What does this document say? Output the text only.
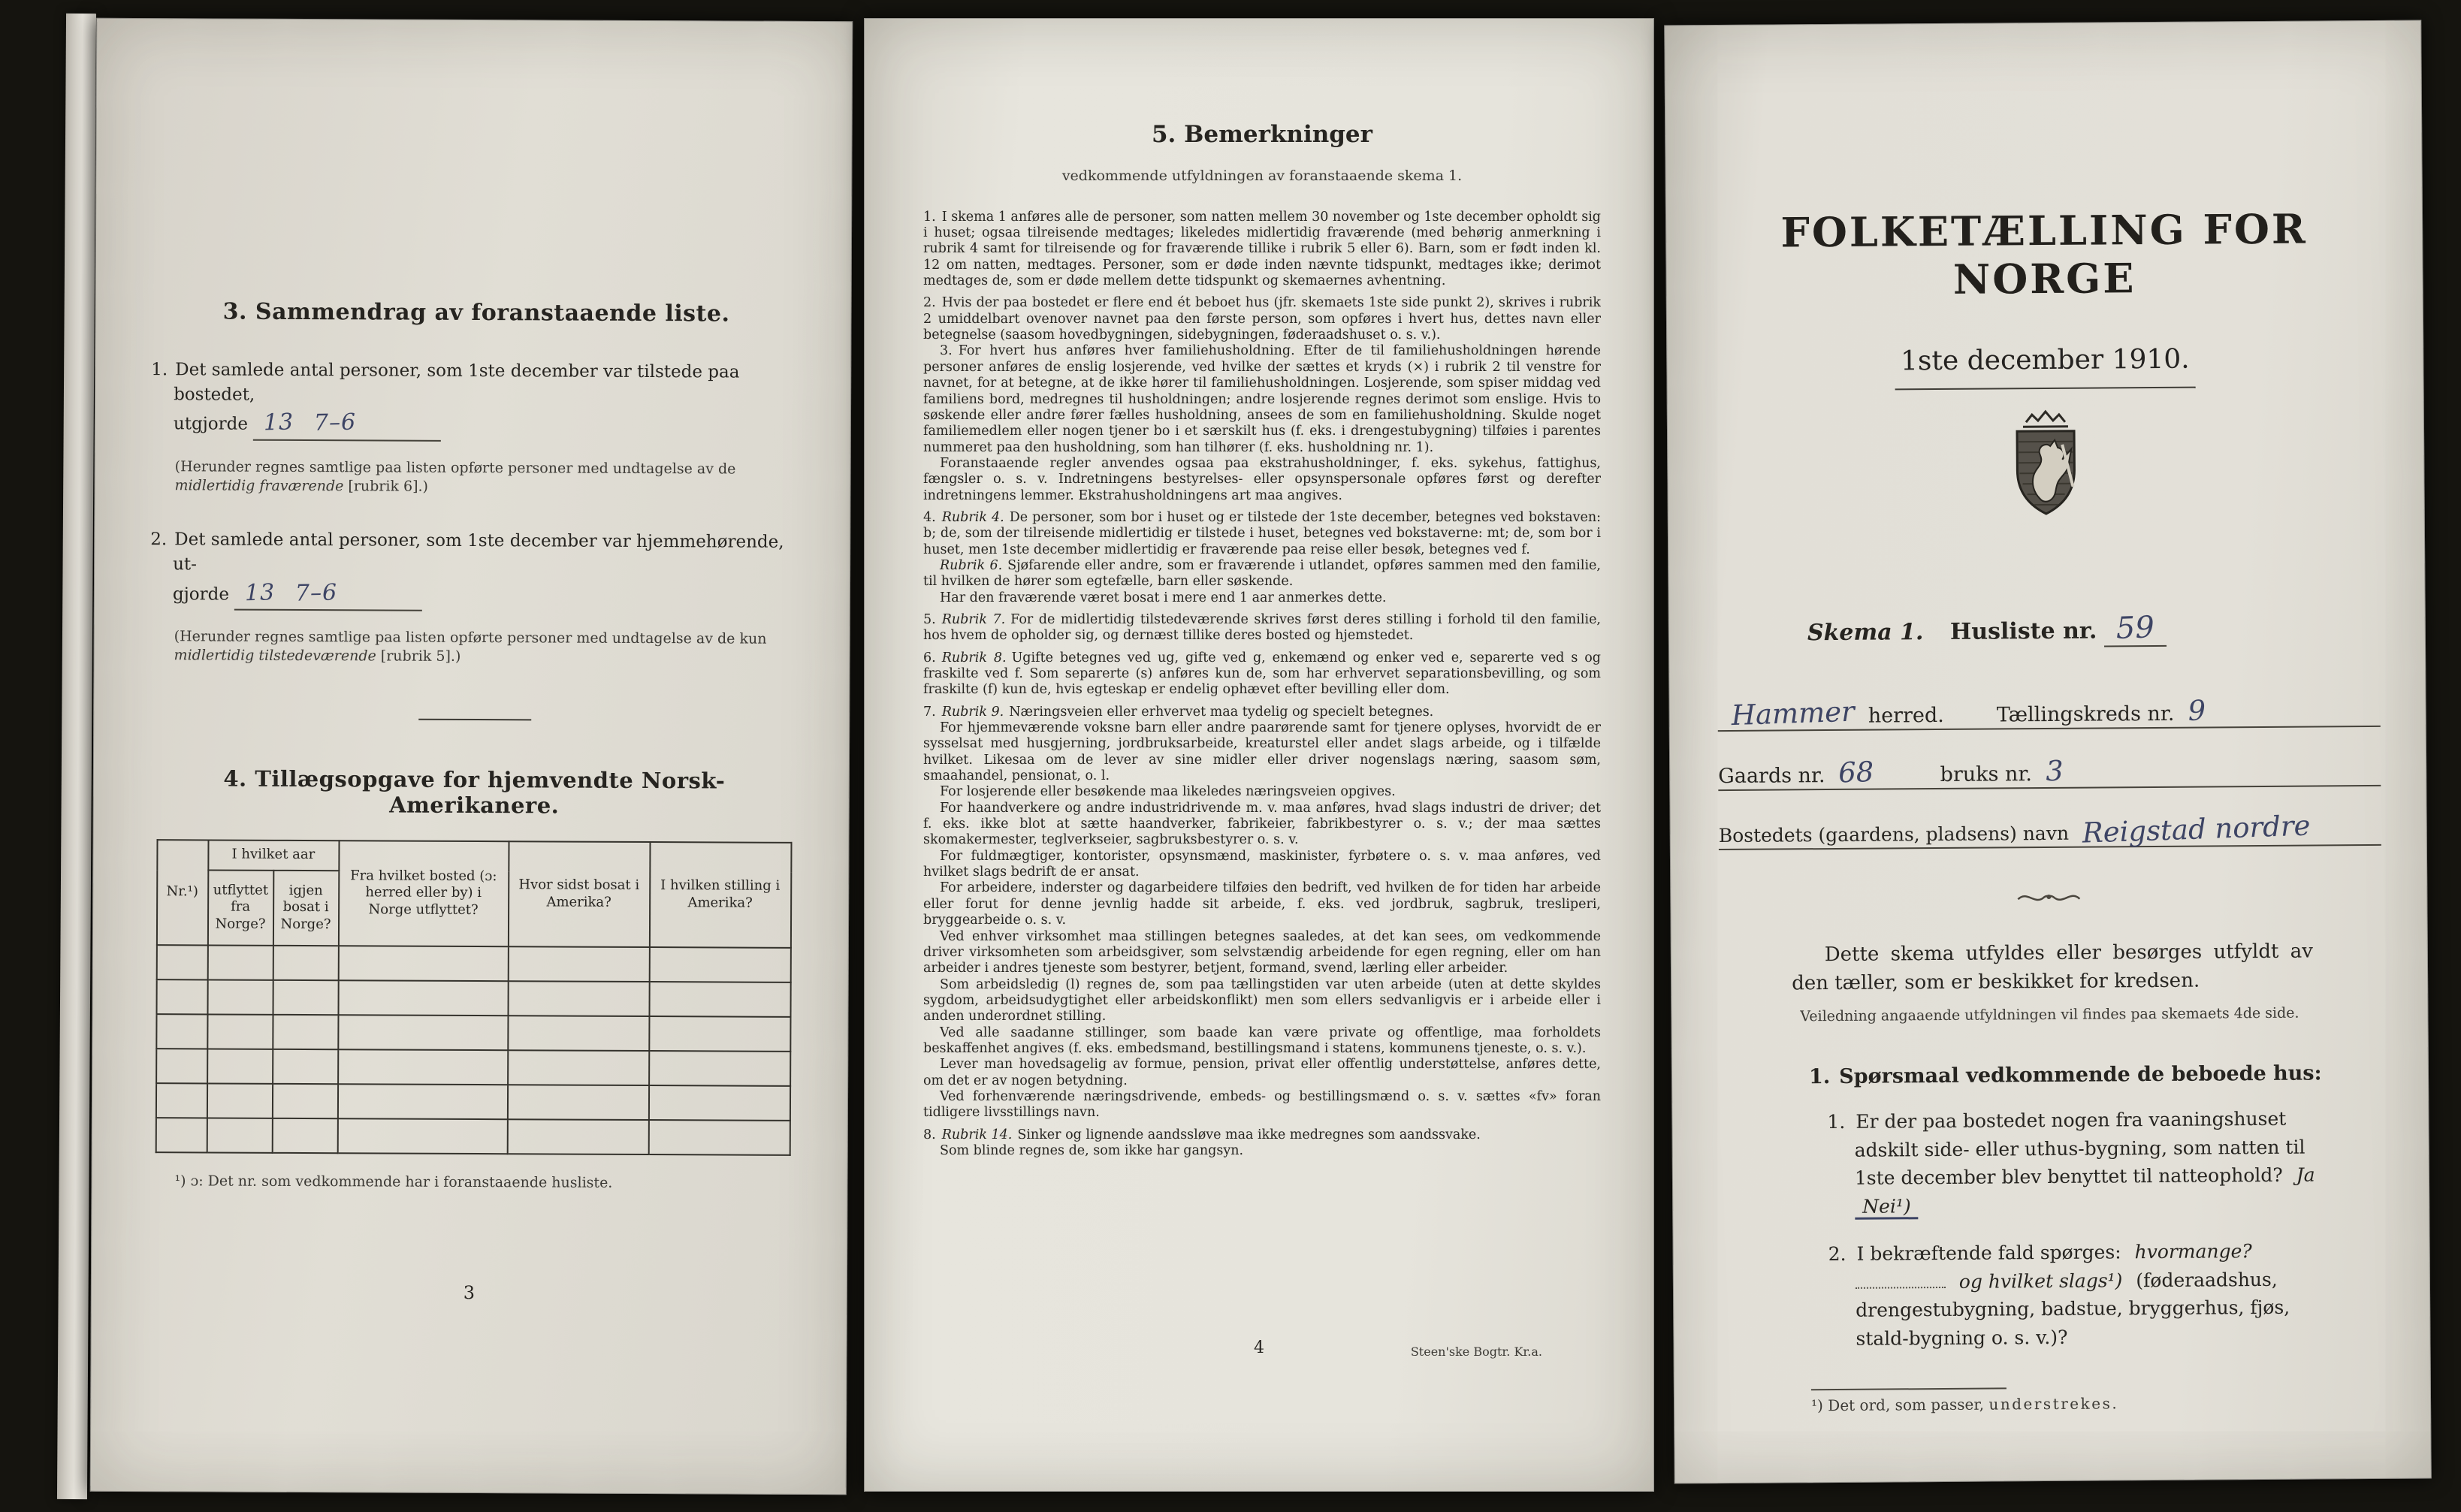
3. Sammendrag av foranstaaende liste.

1. Det samlede antal personer, som 1ste december var tilstede paa bostedet,
utgjorde 13 7–6

(Herunder regnes samtlige paa listen opførte personer med undtagelse av de midlertidig fraværende [rubrik 6].)

2. Det samlede antal personer, som 1ste december var hjemmehørende, ut-
gjorde 13 7–6

(Herunder regnes samtlige paa listen opførte personer med undtagelse av de kun midlertidig tilstedeværende [rubrik 5].)

4. Tillægsopgave for hjemvendte Norsk-Amerikanere.
Nr.¹)	I hvilket aar		Fra hvilket bosted (ɔ: herred eller by) i Norge utflyttet?	Hvor sidst bosat i Amerika?	I hvilken stilling i Amerika?
	utflyttet fra Norge?	igjen bosat i Norge?			

¹) ɔ: Det nr. som vedkommende har i foranstaaende husliste.

3
5. Bemerkninger
vedkommende utfyldningen av foranstaaende skema 1.

1. I skema 1 anføres alle de personer, som natten mellem 30 november og 1ste december opholdt sig i huset; ogsaa tilreisende medtages; likeledes midlertidig fraværende (med behørig anmerkning i rubrik 4 samt for tilreisende og for fraværende tillike i rubrik 5 eller 6). Barn, som er født inden kl. 12 om natten, medtages. Personer, som er døde inden nævnte tidspunkt, medtages ikke; derimot medtages de, som er døde mellem dette tidspunkt og skemaernes avhentning.

2. Hvis der paa bostedet er flere end ét beboet hus (jfr. skemaets 1ste side punkt 2), skrives i rubrik 2 umiddelbart ovenover navnet paa den første person, som opføres i hvert hus, dettes navn eller betegnelse (saasom hovedbygningen, sidebygningen, føderaadshuset o. s. v.).

3. For hvert hus anføres hver familiehusholdning. Efter de til familiehusholdningen hørende personer anføres de enslig losjerende, ved hvilke der sættes et kryds (×) i rubrik 2 til venstre for navnet, for at betegne, at de ikke hører til familiehusholdningen. Losjerende, som spiser middag ved familiens bord, medregnes til husholdningen; andre losjerende regnes derimot som enslige. Hvis to søskende eller andre fører fælles husholdning, ansees de som en familiehusholdning. Skulde noget familiemedlem eller nogen tjener bo i et særskilt hus (f. eks. i drengestubygning) tilføies i parentes nummeret paa den husholdning, som han tilhører (f. eks. husholdning nr. 1).

Foranstaaende regler anvendes ogsaa paa ekstrahusholdninger, f. eks. sykehus, fattighus, fængsler o. s. v. Indretningens bestyrelses- eller opsynspersonale opføres først og derefter indretningens lemmer. Ekstrahusholdningens art maa angives.

4. Rubrik 4. De personer, som bor i huset og er tilstede der 1ste december, betegnes ved bokstaven: b; de, som der tilreisende midlertidig er tilstede i huset, betegnes ved bokstaverne: mt; de, som bor i huset, men 1ste december midlertidig er fraværende paa reise eller besøk, betegnes ved f.

Rubrik 6. Sjøfarende eller andre, som er fraværende i utlandet, opføres sammen med den familie, til hvilken de hører som egtefælle, barn eller søskende.

Har den fraværende været bosat i mere end 1 aar anmerkes dette.

5. Rubrik 7. For de midlertidig tilstedeværende skrives først deres stilling i forhold til den familie, hos hvem de opholder sig, og dernæst tillike deres bosted og hjemstedet.

6. Rubrik 8. Ugifte betegnes ved ug, gifte ved g, enkemænd og enker ved e, separerte ved s og fraskilte ved f. Som separerte (s) anføres kun de, som har erhvervet separationsbevilling, og som fraskilte (f) kun de, hvis egteskap er endelig ophævet efter bevilling eller dom.

7. Rubrik 9. Næringsveien eller erhvervet maa tydelig og specielt betegnes.

For hjemmeværende voksne barn eller andre paarørende samt for tjenere oplyses, hvorvidt de er sysselsat med husgjerning, jordbruksarbeide, kreaturstel eller andet slags arbeide, og i tilfælde hvilket. Likesaa om de lever av sine midler eller driver nogenslags næring, saasom søm, smaahandel, pensionat, o. l.

For losjerende eller besøkende maa likeledes næringsveien opgives.

For haandverkere og andre industridrivende m. v. maa anføres, hvad slags industri de driver; det f. eks. ikke blot at sætte haandverker, fabrikeier, fabrikbestyrer o. s. v.; der maa sættes skomakermester, teglverkseier, sagbruksbestyrer o. s. v.

For fuldmægtiger, kontorister, opsynsmænd, maskinister, fyrbøtere o. s. v. maa anføres, ved hvilket slags bedrift de er ansat.

For arbeidere, inderster og dagarbeidere tilføies den bedrift, ved hvilken de for tiden har arbeide eller forut for denne jevnlig hadde sit arbeide, f. eks. ved jordbruk, sagbruk, tresliperi, bryggearbeide o. s. v.

Ved enhver virksomhet maa stillingen betegnes saaledes, at det kan sees, om vedkommende driver virksomheten som arbeidsgiver, som selvstændig arbeidende for egen regning, eller om han arbeider i andres tjeneste som bestyrer, betjent, formand, svend, lærling eller arbeider.

Som arbeidsledig (l) regnes de, som paa tællingstiden var uten arbeide (uten at dette skyldes sygdom, arbeidsudygtighet eller arbeidskonflikt) men som ellers sedvanligvis er i arbeide eller i anden underordnet stilling.

Ved alle saadanne stillinger, som baade kan være private og offentlige, maa forholdets beskaffenhet angives (f. eks. embedsmand, bestillingsmand i statens, kommunens tjeneste, o. s. v.).

Lever man hovedsagelig av formue, pension, privat eller offentlig understøttelse, anføres dette, om det er av nogen betydning.

Ved forhenværende næringsdrivende, embeds- og bestillingsmænd o. s. v. sættes «fv» foran tidligere livsstillings navn.

8. Rubrik 14. Sinker og lignende aandssløve maa ikke medregnes som aandssvake.

Som blinde regnes de, som ikke har gangsyn.

4	Steen'ske Bogtr. Kr.a.
FOLKETÆLLING FOR NORGE
1ste december 1910.
Skema 1. Husliste nr. 59
Hammer herred.	Tællingskreds nr. 9
Gaards nr. 68	bruks nr. 3
Bostedets (gaardens, pladsens) navn Reigstad nordre

Dette skema utfyldes eller besørges utfyldt av den tæller, som er beskikket for kredsen.

Veiledning angaaende utfyldningen vil findes paa skemaets 4de side.
1. Spørsmaal vedkommende de beboede hus:

1. Er der paa bostedet nogen fra vaaningshuset adskilt side- eller uthus-bygning, som natten til 1ste december blev benyttet til natteophold? Ja Nei¹)

2. I bekræftende fald spørges: hvormange? og hvilket slags¹) (føderaadshus, drengestubygning, badstue, bryggerhus, fjøs, stald-bygning o. s. v.)?

¹) Det ord, som passer, understrekes.
